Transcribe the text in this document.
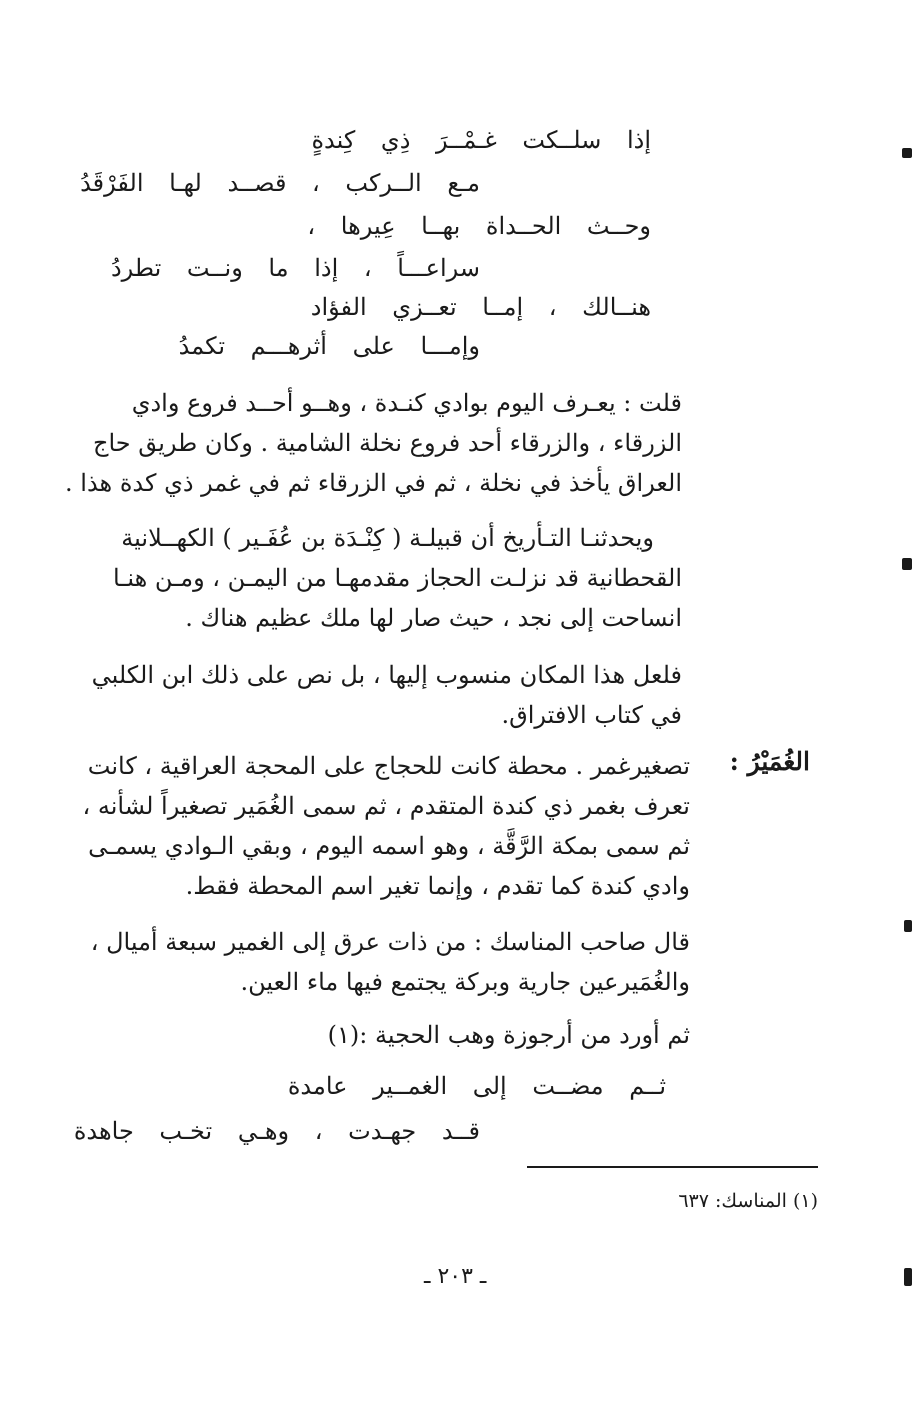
إذا سلــكت غـمْــرَ ذِي كِندةٍ
مـع الــركب ، قصــد لهـا الفَرْقَدُ
وحــث الحــداة بهــا عِيرها ،
سراعـــاً ، إذا ما ونــت تطردُ
هنــالك ، إمــا تعــزي الفؤاد
وإمـــا على أثرهـــم تكمدُ
قلت : يعـرف اليوم بوادي كنـدة ، وهــو أحــد فروع وادي
الزرقاء ، والزرقاء أحد فروع نخلة الشامية . وكان طريق حاج
العراق يأخذ في نخلة ، ثم في الزرقاء ثم في غمر ذي كدة هذا .
ويحدثنـا التـأريخ أن قبيلـة ( كِنْـدَة بن عُفَـير ) الكهــلانية
القحطانية قد نزلـت الحجاز مقدمهـا من اليمـن ، ومـن هنـا
انساحت إلى نجد ، حيث صار لها ملك عظيم هناك .
فلعل هذا المكان منسوب إليها ، بل نص على ذلك ابن الكلبي
في كتاب الافتراق.
الغُمَيْرُ :
تصغيرغمر . محطة كانت للحجاج على المحجة العراقية ، كانت
تعرف بغمر ذي كندة المتقدم ، ثم سمى الغُمَير تصغيراً لشأنه ،
ثم سمى بمكة الرَّقَّة ، وهو اسمه اليوم ، وبقي الـوادي يسمـى
وادي كندة كما تقدم ، وإنما تغير اسم المحطة فقط.
قال صاحب المناسك : من ذات عرق إلى الغمير سبعة أميال ،
والغُمَيرعين جارية وبركة يجتمع فيها ماء العين.
ثم أورد من أرجوزة وهب الحجية :(١)
ثــم مضــت إلى الغمــير عامدة
قــد جهـدت ، وهـي تخـب جاهدة
(١) المناسك: ٦٣٧
ـ ٢٠٣ ـ
